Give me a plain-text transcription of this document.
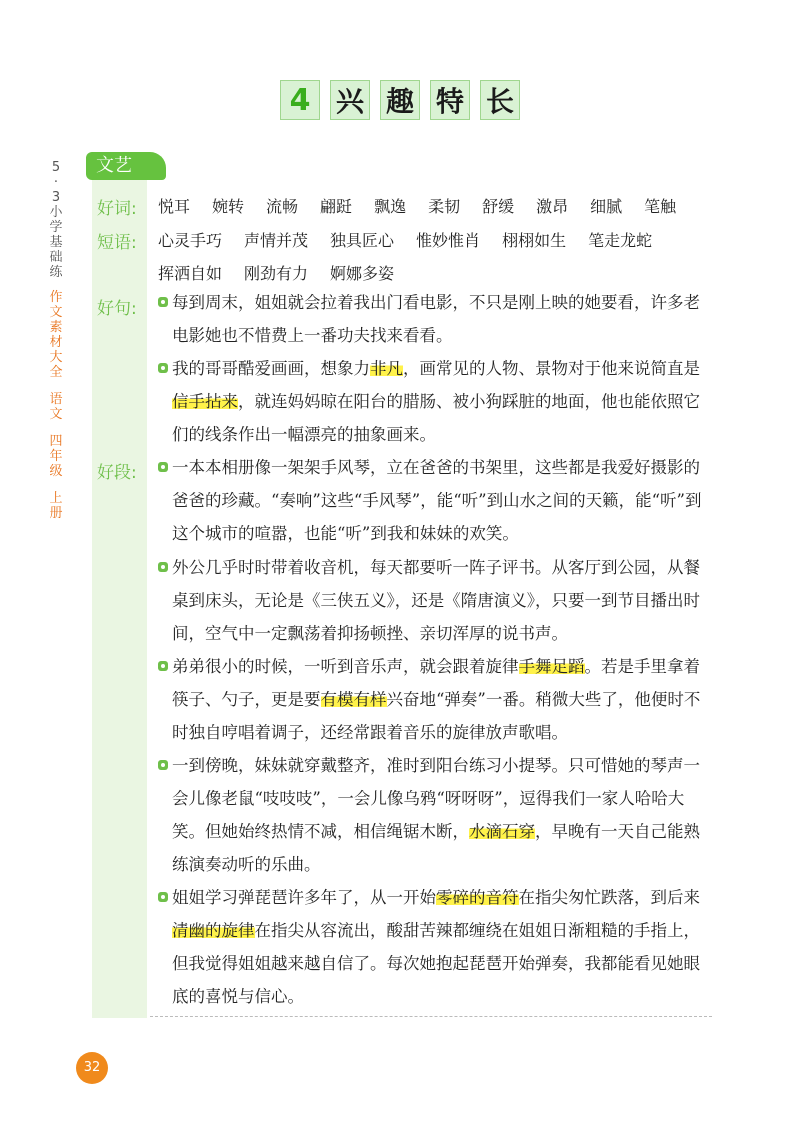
4 兴 趣 特 长
5
·
3
小
学
基
础
练
作
文
素
材
大
全
语
文
四
年
级
上
册
文艺
好词: 悦耳 婉转 流畅 翩跹 飘逸 柔韧 舒缓 激昂 细腻 笔触
短语: 心灵手巧 声情并茂 独具匠心 惟妙惟肖 栩栩如生 笔走龙蛇
挥洒自如 刚劲有力 婀娜多姿
好句:	每到周末，姐姐就会拉着我出门看电影，不只是刚上映的她要看，许多老电影她也不惜费上一番功夫找来看看。
我的哥哥酷爱画画，想象力非凡，画常见的人物、景物对于他来说简直是信手拈来，就连妈妈晾在阳台的腊肠、被小狗踩脏的地面，他也能依照它们的线条作出一幅漂亮的抽象画来。
好段:	一本本相册像一架架手风琴，立在爸爸的书架里，这些都是我爱好摄影的爸爸的珍藏。“奏响”这些“手风琴”，能“听”到山水之间的天籁，能“听”到这个城市的喧嚣，也能“听”到我和妹妹的欢笑。
外公几乎时时带着收音机，每天都要听一阵子评书。从客厅到公园，从餐桌到床头，无论是《三侠五义》，还是《隋唐演义》，只要一到节目播出时间，空气中一定飘荡着抑扬顿挫、亲切浑厚的说书声。
弟弟很小的时候，一听到音乐声，就会跟着旋律手舞足蹈。若是手里拿着筷子、勺子，更是要有模有样兴奋地“弹奏”一番。稍微大些了，他便时不时独自哼唱着调子，还经常跟着音乐的旋律放声歌唱。
一到傍晚，妹妹就穿戴整齐，准时到阳台练习小提琴。只可惜她的琴声一会儿像老鼠“吱吱吱”，一会儿像乌鸦“呀呀呀”，逗得我们一家人哈哈大笑。但她始终热情不减，相信绳锯木断，水滴石穿，早晚有一天自己能熟练演奏动听的乐曲。
姐姐学习弹琵琶许多年了，从一开始零碎的音符在指尖匆忙跌落，到后来清幽的旋律在指尖从容流出，酸甜苦辣都缠绕在姐姐日渐粗糙的手指上，但我觉得姐姐越来越自信了。每次她抱起琵琶开始弹奏，我都能看见她眼底的喜悦与信心。
32
